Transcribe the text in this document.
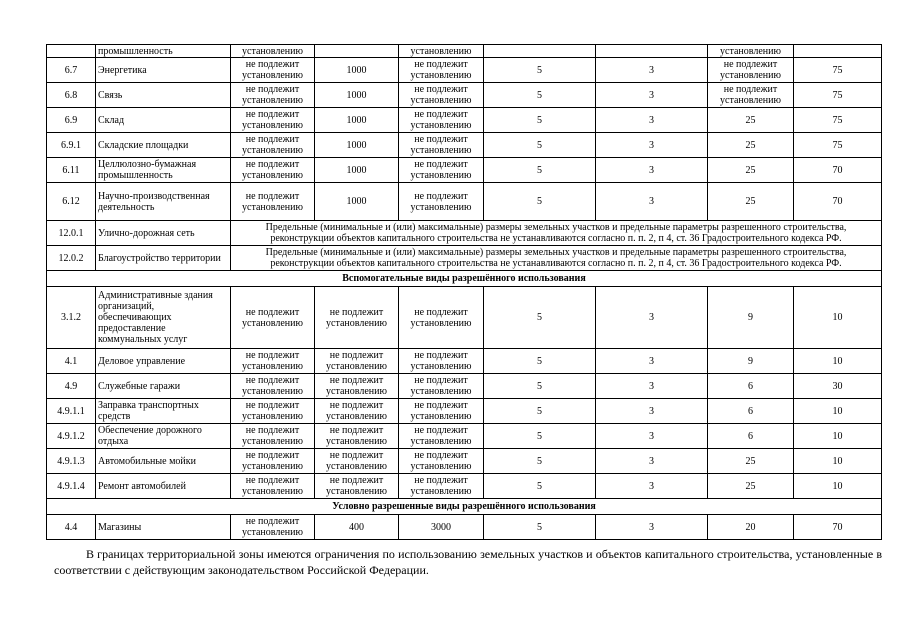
	промышленность	установлению		установлению			установлению	
6.7	Энергетика	не подлежит установлению	1000	не подлежит установлению	5	3	не подлежит установлению	75
6.8	Связь	не подлежит установлению	1000	не подлежит установлению	5	3	не подлежит установлению	75
6.9	Склад	не подлежит установлению	1000	не подлежит установлению	5	3	25	75
6.9.1	Складские площадки	не подлежит установлению	1000	не подлежит установлению	5	3	25	75
6.11	Целлюлозно-бумажная промышленность	не подлежит установлению	1000	не подлежит установлению	5	3	25	70
6.12	Научно-производственная деятельность	не подлежит установлению	1000	не подлежит установлению	5	3	25	70
12.0.1	Улично-дорожная сеть	Предельные (минимальные и (или) максимальные) размеры земельных участков и предельные параметры разрешенного строительства, реконструкции объектов капитального строительства не устанавливаются согласно п. п. 2, п 4, ст. 36 Градостроительного кодекса РФ.						
12.0.2	Благоустройство территории	Предельные (минимальные и (или) максимальные) размеры земельных участков и предельные параметры разрешенного строительства, реконструкции объектов капитального строительства не устанавливаются согласно п. п. 2, п 4, ст. 36 Градостроительного кодекса РФ.						
Вспомогательные виды разрешённого использования								
3.1.2	Административные здания организаций, обеспечивающих предоставление коммунальных услуг	не подлежит установлению	не подлежит установлению	не подлежит установлению	5	3	9	10
4.1	Деловое управление	не подлежит установлению	не подлежит установлению	не подлежит установлению	5	3	9	10
4.9	Служебные гаражи	не подлежит установлению	не подлежит установлению	не подлежит установлению	5	3	6	30
4.9.1.1	Заправка транспортных средств	не подлежит установлению	не подлежит установлению	не подлежит установлению	5	3	6	10
4.9.1.2	Обеспечение дорожного отдыха	не подлежит установлению	не подлежит установлению	не подлежит установлению	5	3	6	10
4.9.1.3	Автомобильные мойки	не подлежит установлению	не подлежит установлению	не подлежит установлению	5	3	25	10
4.9.1.4	Ремонт автомобилей	не подлежит установлению	не подлежит установлению	не подлежит установлению	5	3	25	10
Условно разрешенные виды разрешённого использования								
4.4	Магазины	не подлежит установлению	400	3000	5	3	20	70

В границах территориальной зоны имеются ограничения по использованию земельных участков и объектов капитального строительства, установленные в соответствии с действующим законодательством Российской Федерации.
